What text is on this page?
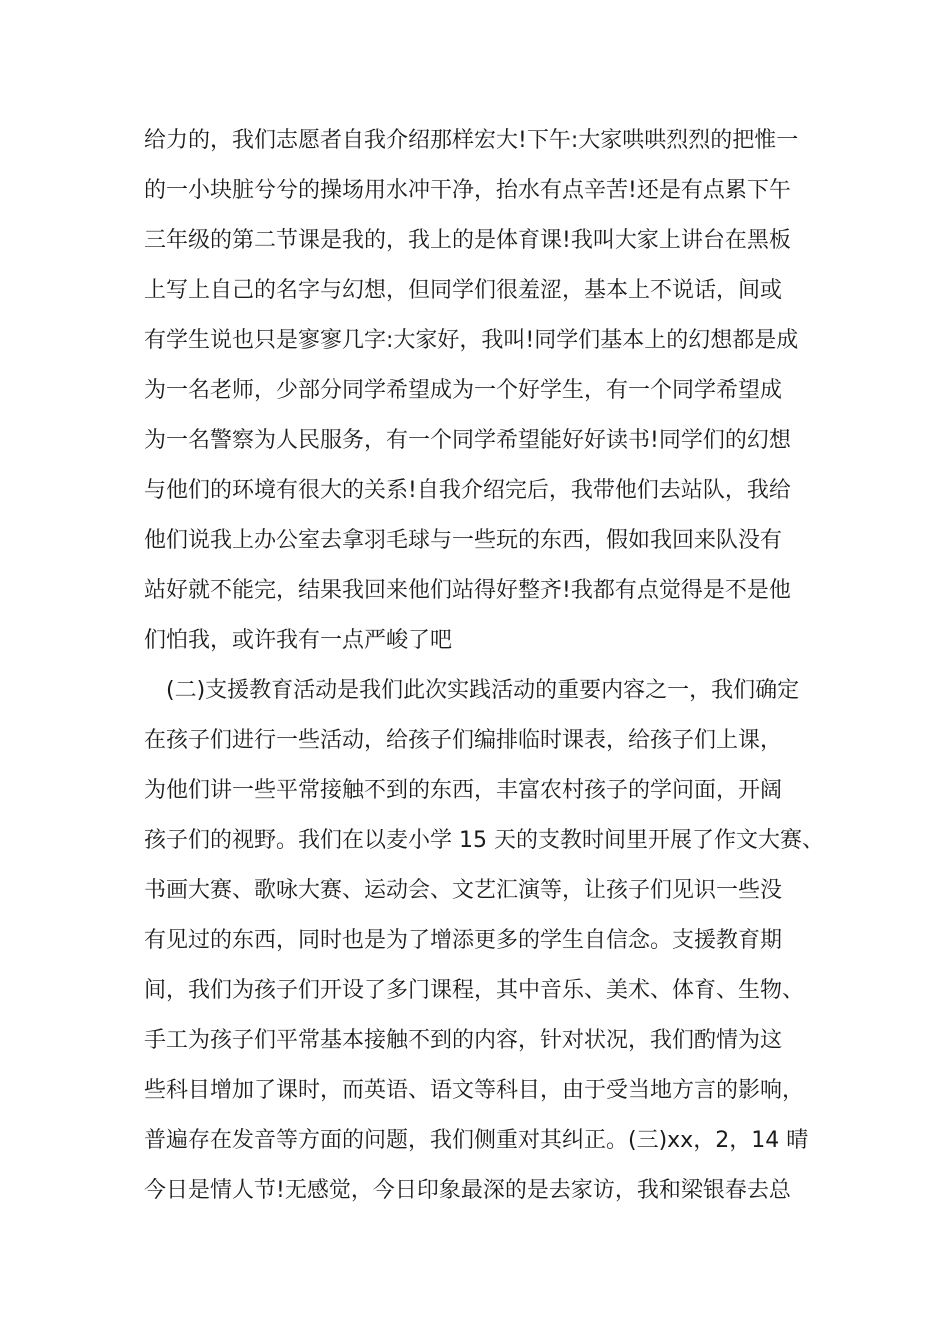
给力的，我们志愿者自我介绍那样宏大!下午:大家哄哄烈烈的把惟一
的一小块脏兮兮的操场用水冲干净，抬水有点辛苦!还是有点累下午
三年级的第二节课是我的，我上的是体育课!我叫大家上讲台在黑板
上写上自己的名字与幻想，但同学们很羞涩，基本上不说话，间或
有学生说也只是寥寥几字:大家好，我叫!同学们基本上的幻想都是成
为一名老师，少部分同学希望成为一个好学生，有一个同学希望成
为一名警察为人民服务，有一个同学希望能好好读书!同学们的幻想
与他们的环境有很大的关系!自我介绍完后，我带他们去站队，我给
他们说我上办公室去拿羽毛球与一些玩的东西，假如我回来队没有
站好就不能完，结果我回来他们站得好整齐!我都有点觉得是不是他
们怕我，或许我有一点严峻了吧
(二)支援教育活动是我们此次实践活动的重要内容之一，我们确定
在孩子们进行一些活动，给孩子们编排临时课表，给孩子们上课，
为他们讲一些平常接触不到的东西，丰富农村孩子的学问面，开阔
孩子们的视野。我们在以麦小学 15 天的支教时间里开展了作文大赛、
书画大赛、歌咏大赛、运动会、文艺汇演等，让孩子们见识一些没
有见过的东西，同时也是为了增添更多的学生自信念。支援教育期
间，我们为孩子们开设了多门课程，其中音乐、美术、体育、生物、
手工为孩子们平常基本接触不到的内容，针对状况，我们酌情为这
些科目增加了课时，而英语、语文等科目，由于受当地方言的影响，
普遍存在发音等方面的问题，我们侧重对其纠正。(三)xx，2，14 晴
今日是情人节!无感觉，今日印象最深的是去家访，我和梁银春去总
